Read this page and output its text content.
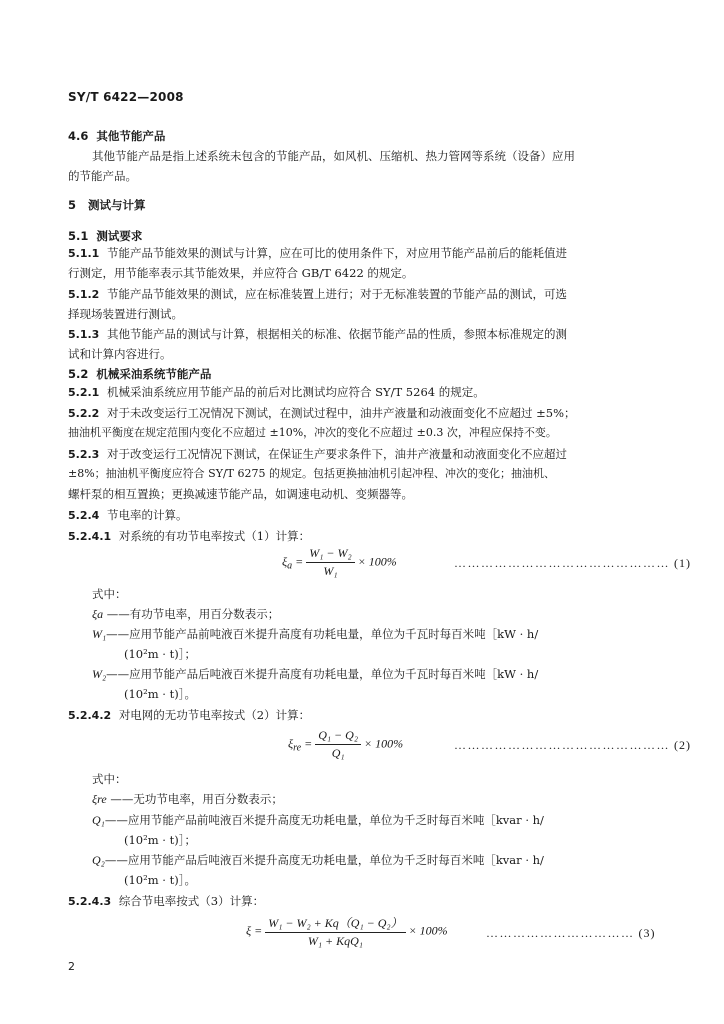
SY/T 6422—2008
4.6 其他节能产品
其他节能产品是指上述系统未包含的节能产品，如风机、压缩机、热力管网等系统（设备）应用
的节能产品。
5 测试与计算
5.1 测试要求
5.1.1 节能产品节能效果的测试与计算，应在可比的使用条件下，对应用节能产品前后的能耗值进
行测定，用节能率表示其节能效果，并应符合 GB/T 6422 的规定。
5.1.2 节能产品节能效果的测试，应在标准装置上进行；对于无标准装置的节能产品的测试，可选
择现场装置进行测试。
5.1.3 其他节能产品的测试与计算，根据相关的标准、依据节能产品的性质，参照本标准规定的测
试和计算内容进行。
5.2 机械采油系统节能产品
5.2.1 机械采油系统应用节能产品的前后对比测试均应符合 SY/T 5264 的规定。
5.2.2 对于未改变运行工况情况下测试，在测试过程中，油井产液量和动液面变化不应超过 ±5%；
抽油机平衡度在规定范围内变化不应超过 ±10%，冲次的变化不应超过 ±0.3 次，冲程应保持不变。
5.2.3 对于改变运行工况情况下测试，在保证生产要求条件下，油井产液量和动液面变化不应超过
±8%；抽油机平衡度应符合 SY/T 6275 的规定。包括更换抽油机引起冲程、冲次的变化；抽油机、
螺杆泵的相互置换；更换减速节能产品，如调速电动机、变频器等。
5.2.4 节电率的计算。
5.2.4.1 对系统的有功节电率按式（1）计算：
$\xi_a = \frac{\text{W₁ − W₂}}{\text{W₁}} \times 100\%$	………………………………………… (1)
式中：
ξa ——有功节电率，用百分数表示；
W₁——应用节能产品前吨液百米提升高度有功耗电量，单位为千瓦时每百米吨［kW · h/
(10²m · t)］；
W₂——应用节能产品后吨液百米提升高度有功耗电量，单位为千瓦时每百米吨［kW · h/
(10²m · t)］。
5.2.4.2 对电网的无功节电率按式（2）计算：
$\xi_{re} = \frac{\text{Q₁ − Q₂}}{\text{Q₁}} \times 100\%$	………………………………………… (2)
式中：
ξre ——无功节电率，用百分数表示；
Q₁——应用节能产品前吨液百米提升高度无功耗电量，单位为千乏时每百米吨［kvar · h/
(10²m · t)］；
Q₂——应用节能产品后吨液百米提升高度无功耗电量，单位为千乏时每百米吨［kvar · h/
(10²m · t)］。
5.2.4.3 综合节电率按式（3）计算：
$\xi = \frac{\text{W₁ − W₂ + Kq（Q₁ − Q₂）}}{\text{W₁ + KqQ₁}} \times 100\%$	…………………………… (3)
2
